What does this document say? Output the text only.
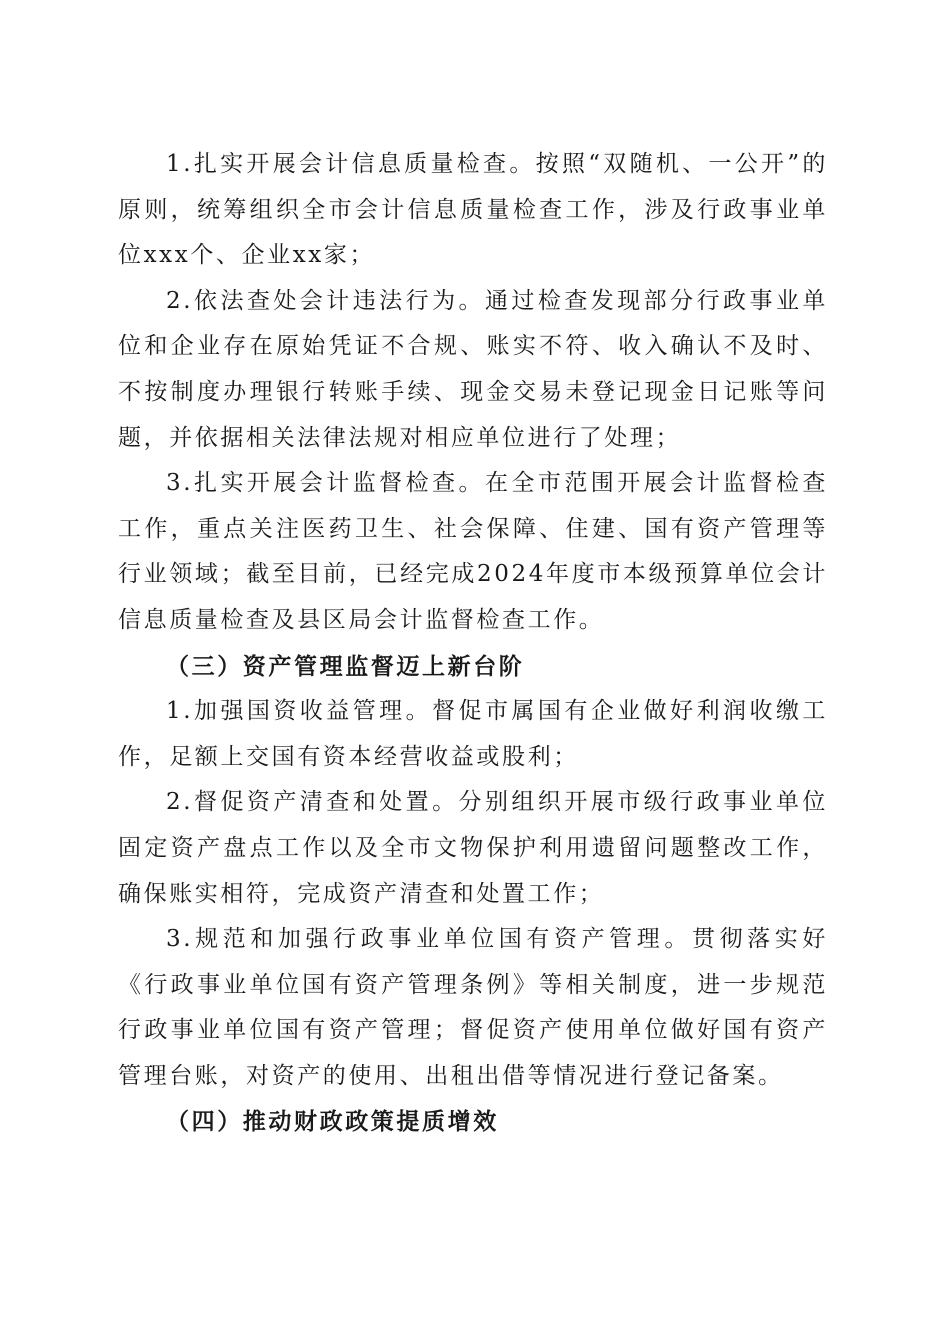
1.扎实开展会计信息质量检查。按照“双随机、一公开”的原则，统筹组织全市会计信息质量检查工作，涉及行政事业单位xxx个、企业xx家；

2.依法查处会计违法行为。通过检查发现部分行政事业单位和企业存在原始凭证不合规、账实不符、收入确认不及时、不按制度办理银行转账手续、现金交易未登记现金日记账等问题，并依据相关法律法规对相应单位进行了处理；

3.扎实开展会计监督检查。在全市范围开展会计监督检查工作，重点关注医药卫生、社会保障、住建、国有资产管理等行业领域；截至目前，已经完成2024年度市本级预算单位会计信息质量检查及县区局会计监督检查工作。

（三）资产管理监督迈上新台阶

1.加强国资收益管理。督促市属国有企业做好利润收缴工作，足额上交国有资本经营收益或股利；

2.督促资产清查和处置。分别组织开展市级行政事业单位固定资产盘点工作以及全市文物保护利用遗留问题整改工作，确保账实相符，完成资产清查和处置工作；

3.规范和加强行政事业单位国有资产管理。贯彻落实好《行政事业单位国有资产管理条例》等相关制度，进一步规范行政事业单位国有资产管理；督促资产使用单位做好国有资产管理台账，对资产的使用、出租出借等情况进行登记备案。

（四）推动财政政策提质增效
